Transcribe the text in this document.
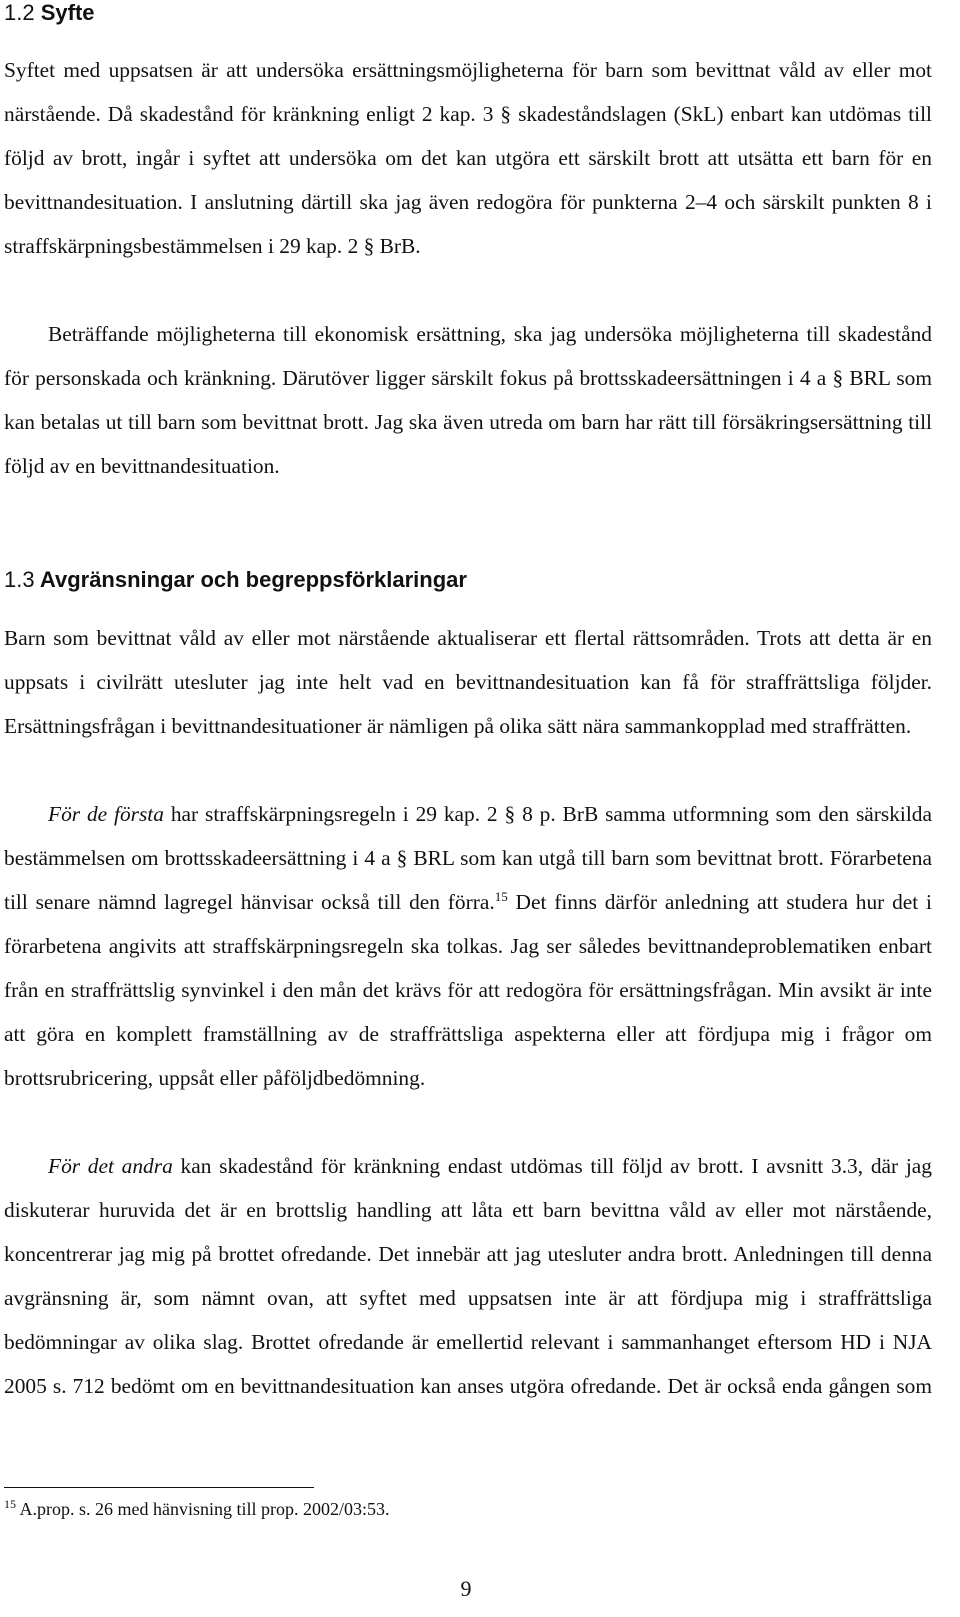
1.2 Syfte

Syftet med uppsatsen är att undersöka ersättningsmöjligheterna för barn som bevittnat våld av eller mot närstående. Då skadestånd för kränkning enligt 2 kap. 3 § skadeståndslagen (SkL) enbart kan utdömas till följd av brott, ingår i syftet att undersöka om det kan utgöra ett särskilt brott att utsätta ett barn för en bevittnandesituation. I anslutning därtill ska jag även redogöra för punkterna 2–4 och särskilt punkten 8 i straffskärpningsbestämmelsen i 29 kap. 2 § BrB.

Beträffande möjligheterna till ekonomisk ersättning, ska jag undersöka möjligheterna till skadestånd för personskada och kränkning. Därutöver ligger särskilt fokus på brottsskadeersättningen i 4 a § BRL som kan betalas ut till barn som bevittnat brott. Jag ska även utreda om barn har rätt till försäkringsersättning till följd av en bevittnandesituation.

1.3 Avgränsningar och begreppsförklaringar

Barn som bevittnat våld av eller mot närstående aktualiserar ett flertal rättsområden. Trots att detta är en uppsats i civilrätt utesluter jag inte helt vad en bevittnandesituation kan få för straffrättsliga följder. Ersättningsfrågan i bevittnandesituationer är nämligen på olika sätt nära sammankopplad med straffrätten.

För de första har straffskärpningsregeln i 29 kap. 2 § 8 p. BrB samma utformning som den särskilda bestämmelsen om brottsskadeersättning i 4 a § BRL som kan utgå till barn som bevittnat brott. Förarbetena till senare nämnd lagregel hänvisar också till den förra.$^{15}$ Det finns därför anledning att studera hur det i förarbetena angivits att straffskärpningsregeln ska tolkas. Jag ser således bevittnandeproblematiken enbart från en straffrättslig synvinkel i den mån det krävs för att redogöra för ersättningsfrågan. Min avsikt är inte att göra en komplett framställning av de straffrättsliga aspekterna eller att fördjupa mig i frågor om brottsrubricering, uppsåt eller påföljdbedömning.

För det andra kan skadestånd för kränkning endast utdömas till följd av brott. I avsnitt 3.3, där jag diskuterar huruvida det är en brottslig handling att låta ett barn bevittna våld av eller mot närstående, koncentrerar jag mig på brottet ofredande. Det innebär att jag utesluter andra brott. Anledningen till denna avgränsning är, som nämnt ovan, att syftet med uppsatsen inte är att fördjupa mig i straffrättsliga bedömningar av olika slag. Brottet ofredande är emellertid relevant i sammanhanget eftersom HD i NJA 2005 s. 712 bedömt om en bevittnandesituation kan anses utgöra ofredande. Det är också enda gången som

$^{15}$ A.prop. s. 26 med hänvisning till prop. 2002/03:53.
9
